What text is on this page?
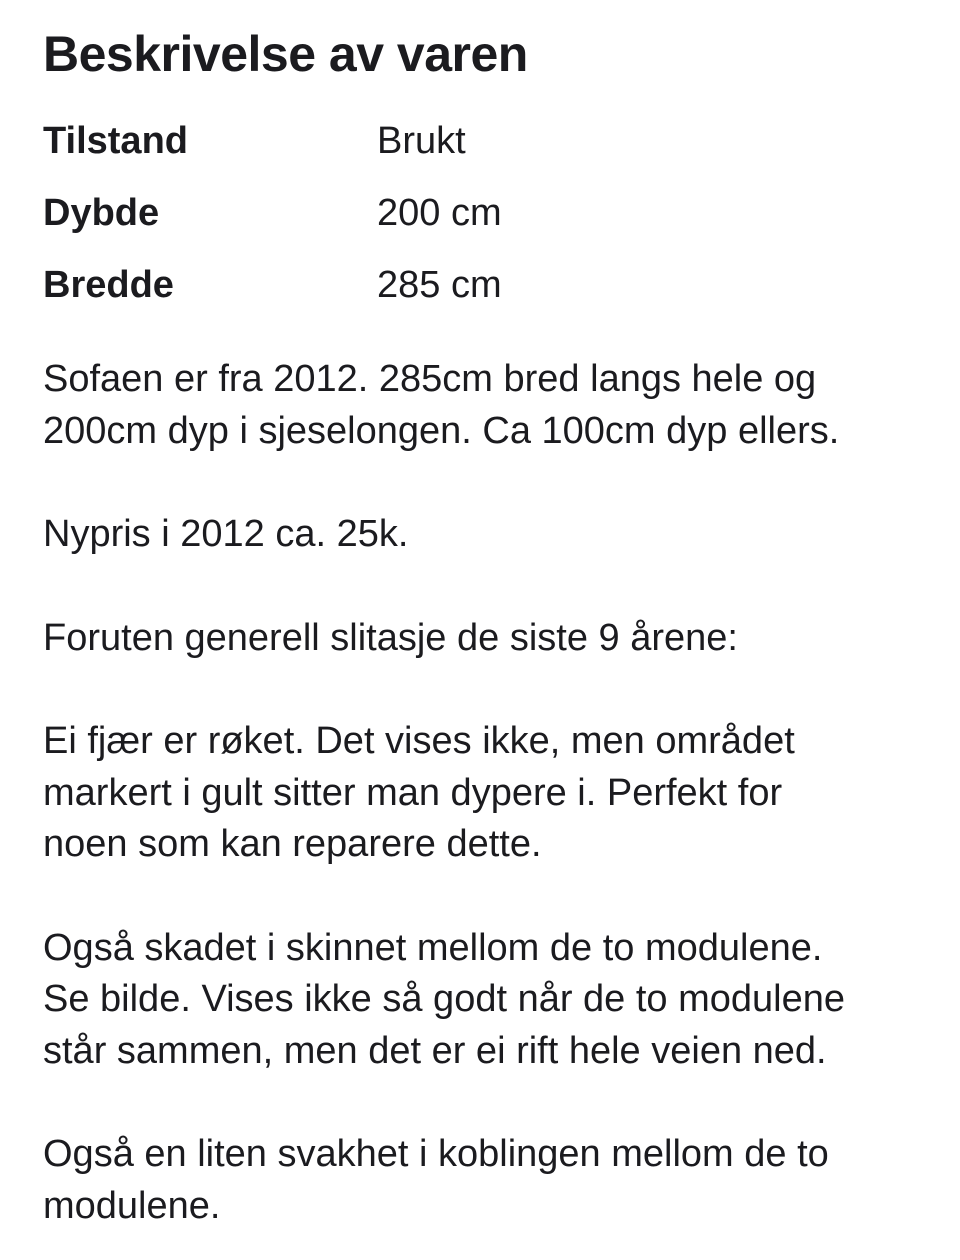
Beskrivelse av varen
Tilstand	Brukt
Dybde	200 cm
Bredde	285 cm

Sofaen er fra 2012. 285cm bred langs hele og
200cm dyp i sjeselongen. Ca 100cm dyp ellers.

Nypris i 2012 ca. 25k.

Foruten generell slitasje de siste 9 årene:

Ei fjær er røket. Det vises ikke, men området
markert i gult sitter man dypere i. Perfekt for
noen som kan reparere dette.

Også skadet i skinnet mellom de to modulene.
Se bilde. Vises ikke så godt når de to modulene
står sammen, men det er ei rift hele veien ned.

Også en liten svakhet i koblingen mellom de to
modulene.
